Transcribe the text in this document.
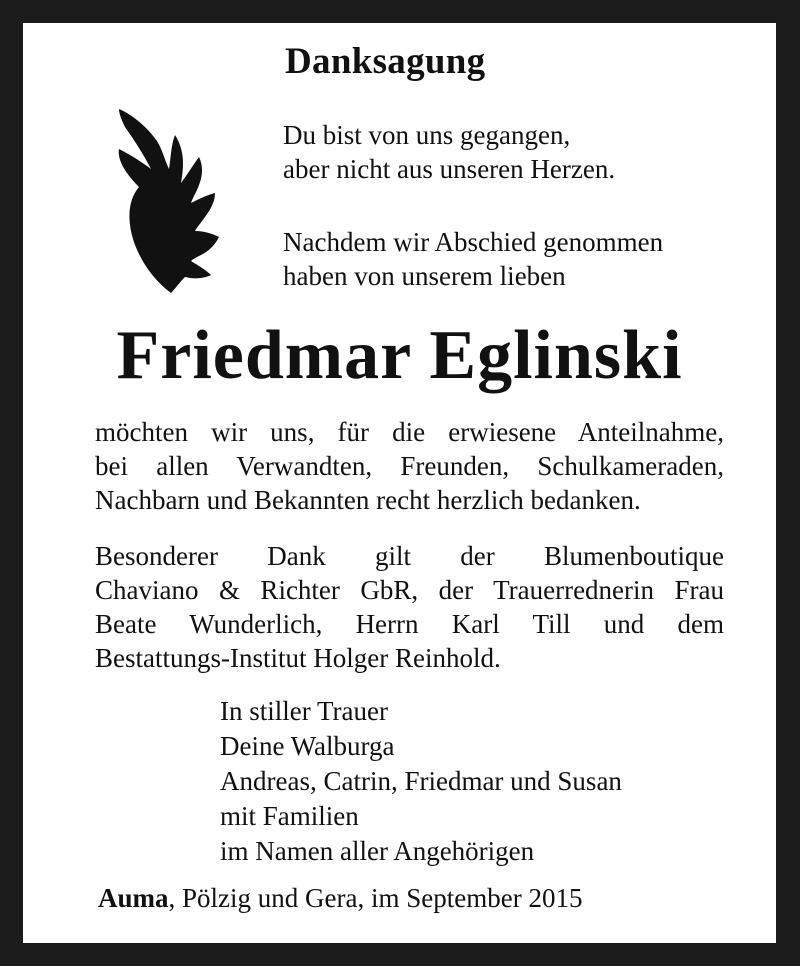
Danksagung
Du bist von uns gegangen,
aber nicht aus unseren Herzen.
Nachdem wir Abschied genommen
haben von unserem lieben
Friedmar Eglinski
möchten wir uns, für die erwiesene Anteilnahme,
bei allen Verwandten, Freunden, Schulkameraden,
Nachbarn und Bekannten recht herzlich bedanken.
Besonderer Dank gilt der Blumenboutique
Chaviano & Richter GbR, der Trauerrednerin Frau
Beate Wunderlich, Herrn Karl Till und dem
Bestattungs-Institut Holger Reinhold.
In stiller Trauer
Deine Walburga
Andreas, Catrin, Friedmar und Susan
mit Familien
im Namen aller Angehörigen
Auma, Pölzig und Gera, im September 2015
